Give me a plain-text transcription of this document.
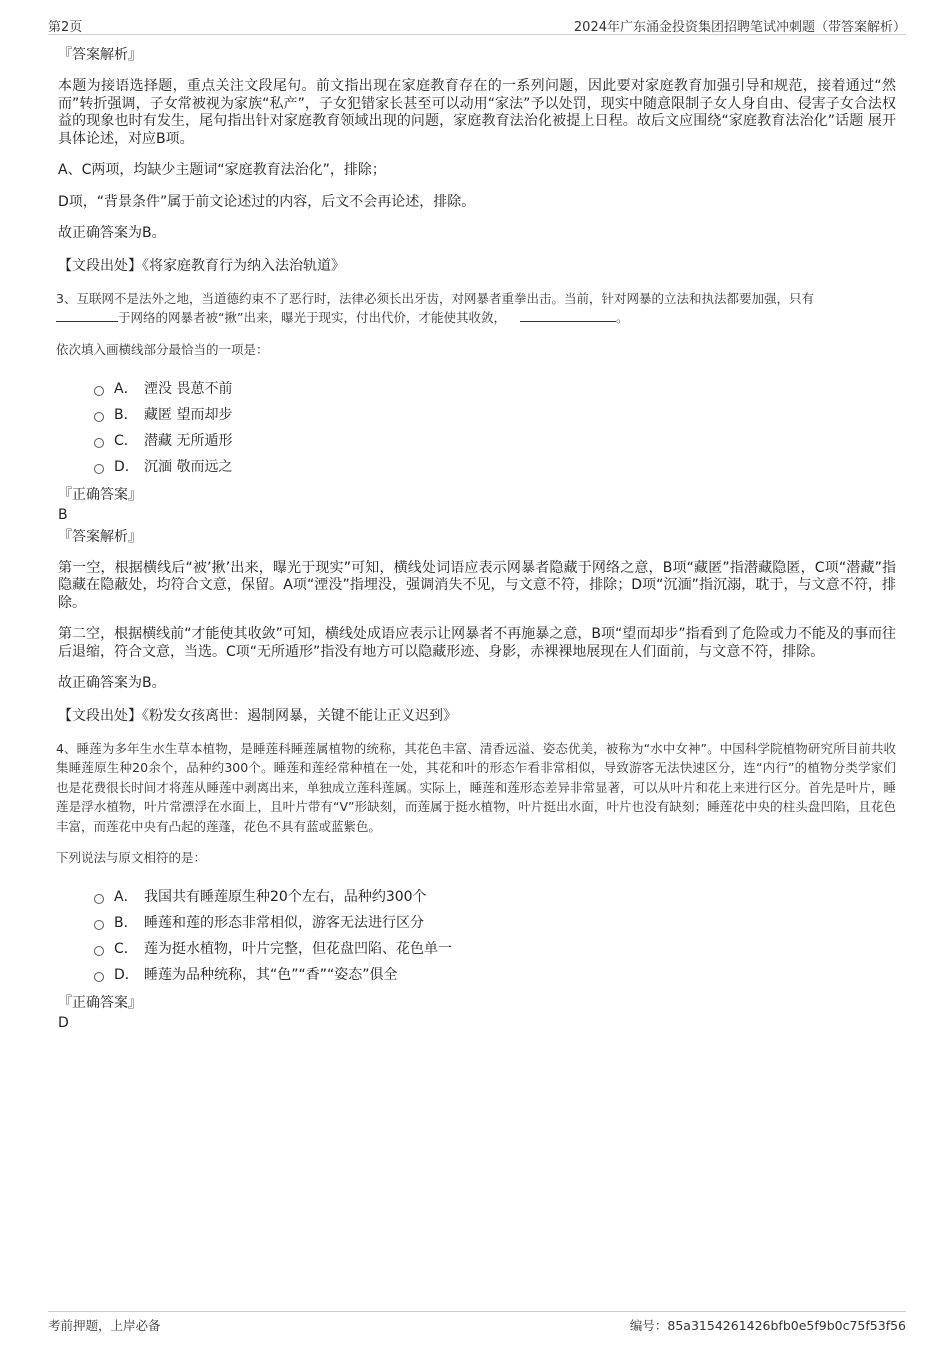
第2页	2024年广东涌金投资集团招聘笔试冲刺题（带答案解析）
『答案解析』

本题为接语选择题，重点关注文段尾句。前文指出现在家庭教育存在的一系列问题，因此要对家庭教育加强引导和规范，接着通过“然而”转折强调，子女常被视为家族“私产”，子女犯错家长甚至可以动用“家法”予以处罚，现实中随意限制子女人身自由、侵害子女合法权益的现象也时有发生，尾句指出针对家庭教育领域出现的问题，家庭教育法治化被提上日程。故后文应围绕“家庭教育法治化”话题 展开 具体论述，对应B项。

A、C两项，均缺少主题词“家庭教育法治化”，排除；

D项，“背景条件”属于前文论述过的内容，后文不会再论述，排除。

故正确答案为B。

【文段出处】《将家庭教育行为纳入法治轨道》

3、互联网不是法外之地，当道德约束不了恶行时，法律必须长出牙齿，对网暴者重拳出击。当前，针对网暴的立法和执法都要加强，只有
于网络的网暴者被“揪”出来，曝光于现实，付出代价，才能使其收敛，	。

依次填入画横线部分最恰当的一项是：

A． 湮没 畏葸不前
B． 藏匿 望而却步
C． 潜藏 无所遁形
D． 沉湎 敬而远之
『正确答案』
B
『答案解析』

第一空，根据横线后“被’揪’出来，曝光于现实”可知，横线处词语应表示网暴者隐藏于网络之意，B项“藏匿”指潜藏隐匿，C项“潜藏”指隐藏在隐蔽处，均符合文意，保留。A项“湮没”指埋没，强调消失不见，与文意不符，排除；D项“沉湎”指沉溺，耽于，与文意不符，排除。

第二空，根据横线前“才能使其收敛”可知，横线处成语应表示让网暴者不再施暴之意，B项“望而却步”指看到了危险或力不能及的事而往后退缩，符合文意，当选。C项“无所遁形”指没有地方可以隐藏形迹、身影，赤裸裸地展现在人们面前，与文意不符，排除。

故正确答案为B。

【文段出处】《粉发女孩离世：遏制网暴，关键不能让正义迟到》

4、睡莲为多年生水生草本植物，是睡莲科睡莲属植物的统称，其花色丰富、清香远溢、姿态优美，被称为“水中女神”。中国科学院植物研究所目前共收集睡莲原生种20余个，品种约300个。睡莲和莲经常种植在一处，其花和叶的形态乍看非常相似，导致游客无法快速区分，连“内行”的植物分类学家们也是花费很长时间才将莲从睡莲中剥离出来，单独成立莲科莲属。实际上，睡莲和莲形态差异非常显著，可以从叶片和花上来进行区分。首先是叶片，睡莲是浮水植物，叶片常漂浮在水面上，且叶片带有“V”形缺刻，而莲属于挺水植物，叶片挺出水面，叶片也没有缺刻；睡莲花中央的柱头盘凹陷，且花色丰富，而莲花中央有凸起的莲蓬，花色不具有蓝或蓝紫色。

下列说法与原文相符的是：

A． 我国共有睡莲原生种20个左右，品种约300个
B． 睡莲和莲的形态非常相似，游客无法进行区分
C． 莲为挺水植物，叶片完整，但花盘凹陷、花色单一
D． 睡莲为品种统称，其“色”“香”“姿态”俱全
『正确答案』
D
考前押题，上岸必备	编号：85a3154261426bfb0e5f9b0c75f53f56
